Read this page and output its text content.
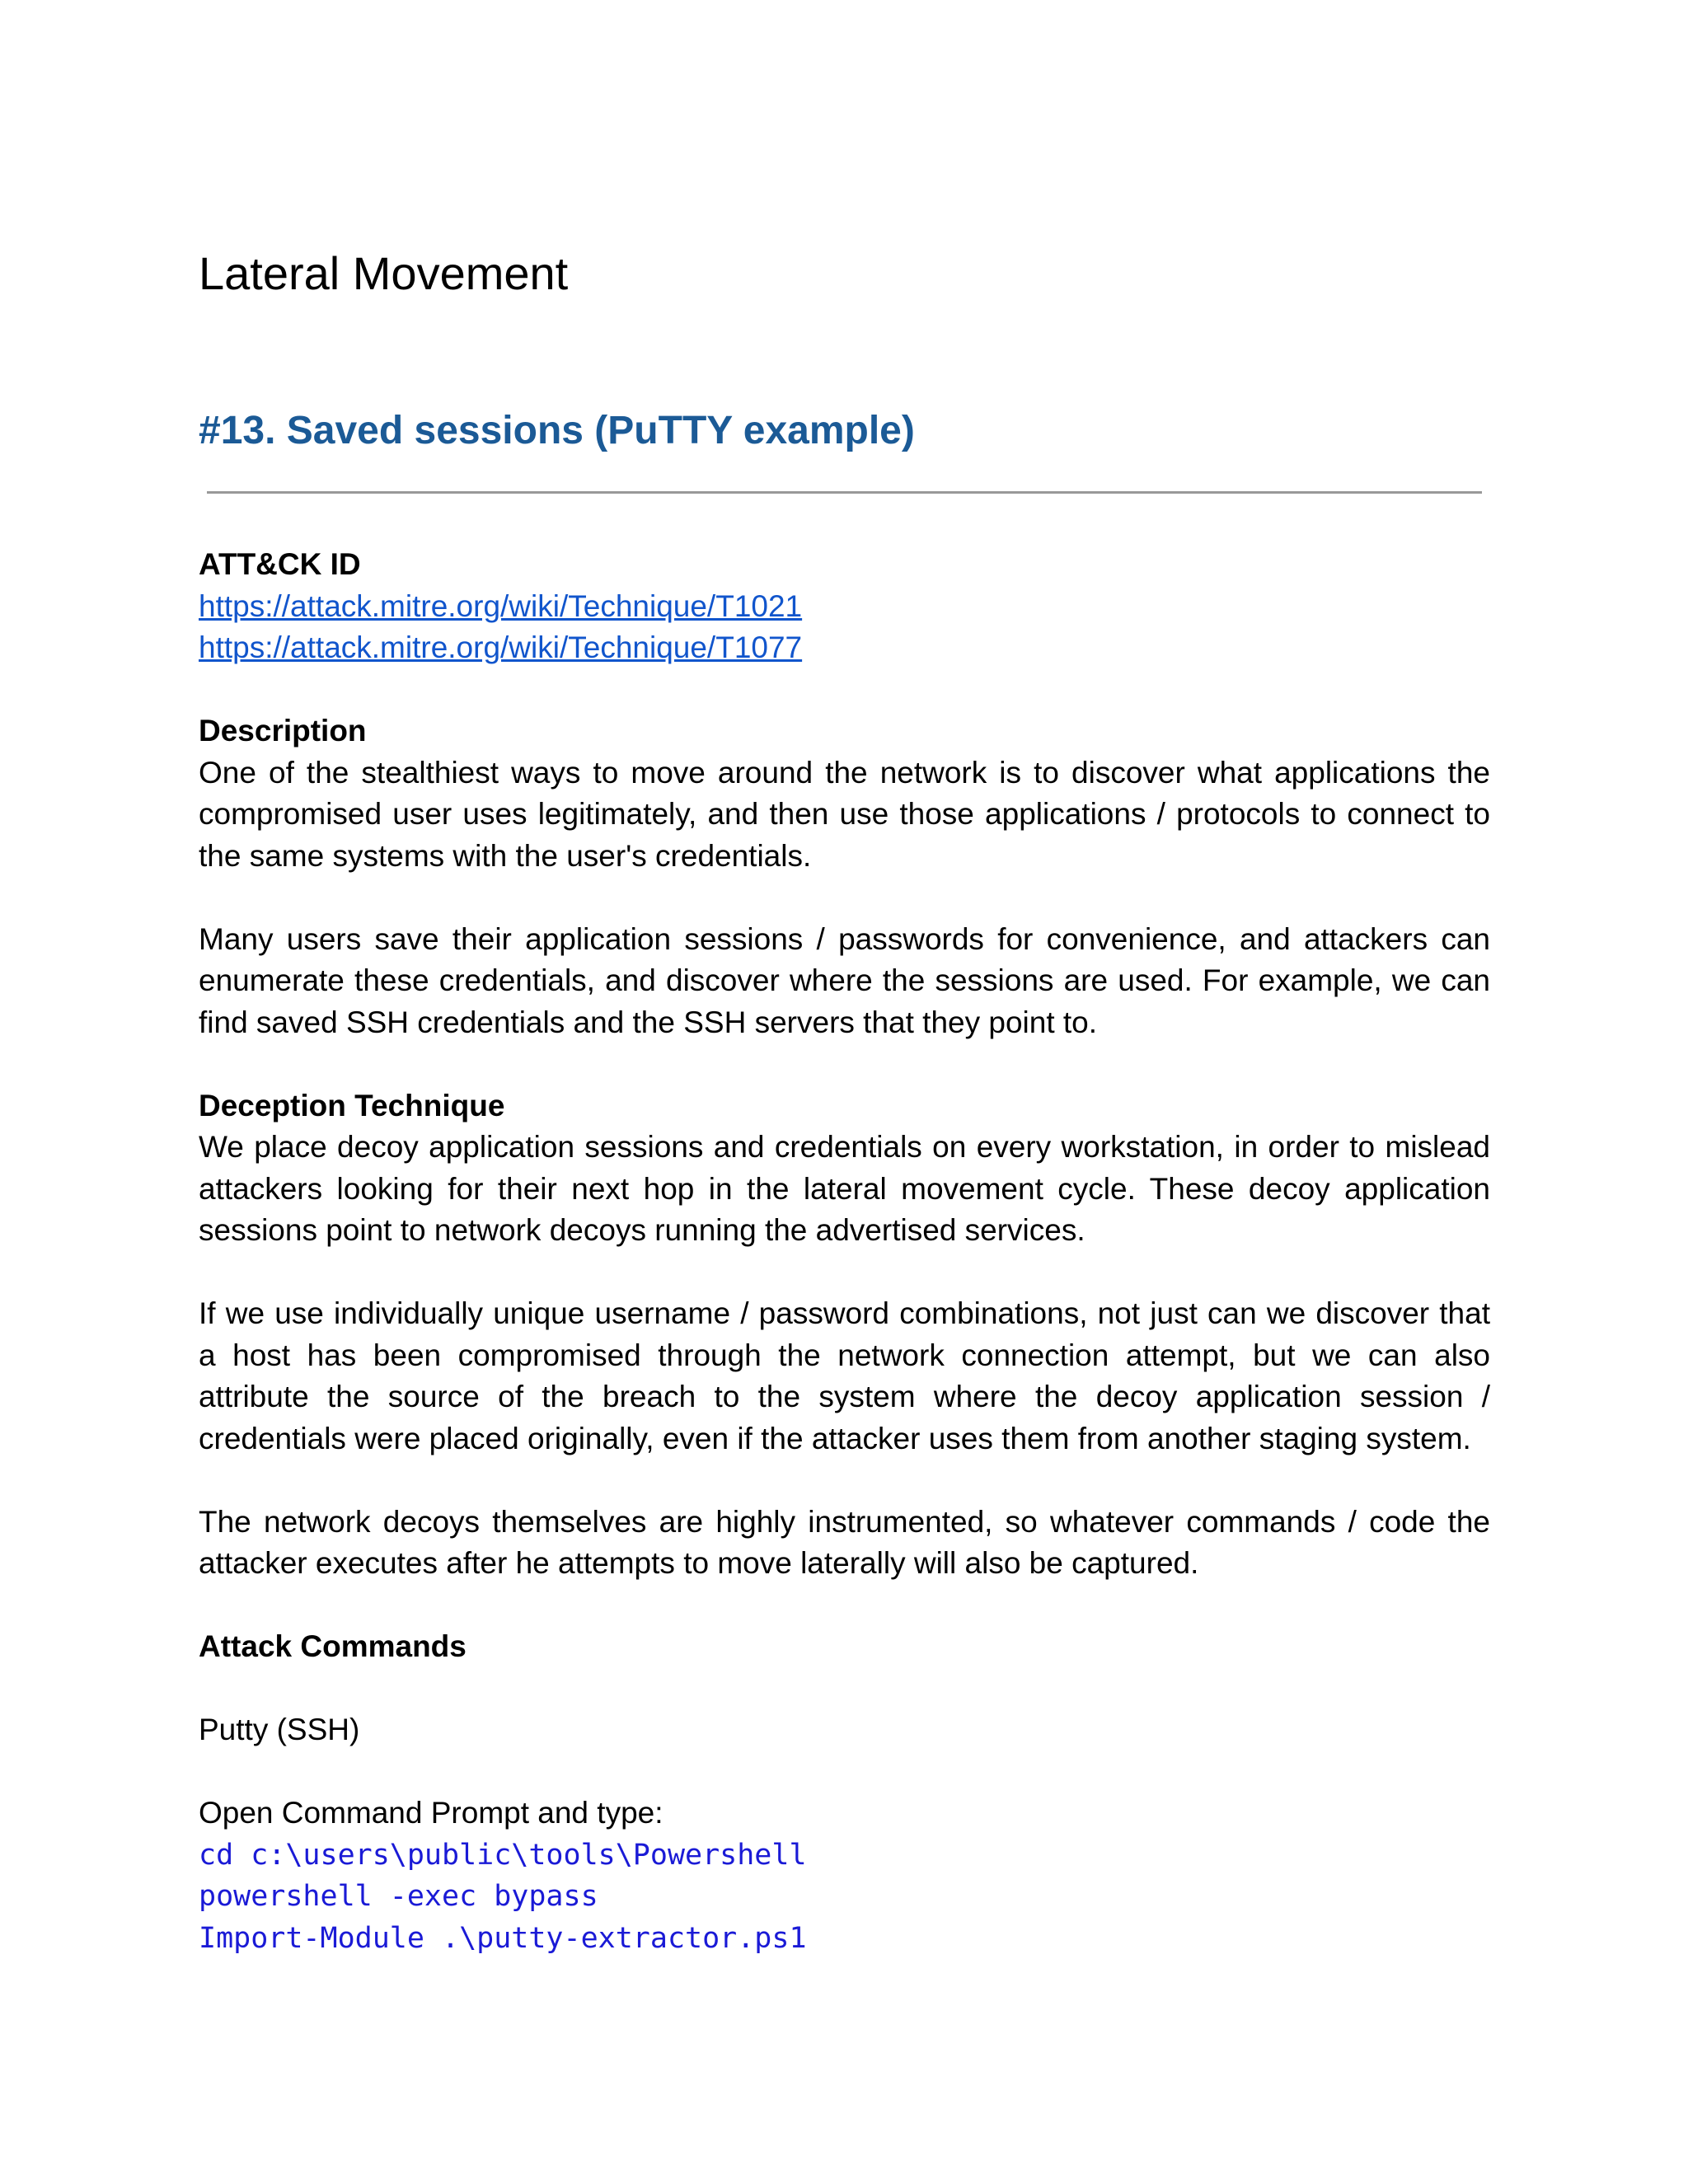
Lateral Movement
#13. Saved sessions (PuTTY example)

ATT&CK ID

https://attack.mitre.org/wiki/Technique/T1021
https://attack.mitre.org/wiki/Technique/T1077

Description

One of the stealthiest ways to move around the network is to discover what applications the compromised user uses legitimately, and then use those applications / protocols to connect to the same systems with the user's credentials.

Many users save their application sessions / passwords for convenience, and attackers can enumerate these credentials, and discover where the sessions are used. For example, we can find saved SSH credentials and the SSH servers that they point to.

Deception Technique

We place decoy application sessions and credentials on every workstation, in order to mislead attackers looking for their next hop in the lateral movement cycle. These decoy application sessions point to network decoys running the advertised services.

If we use individually unique username / password combinations, not just can we discover that a host has been compromised through the network connection attempt, but we can also attribute the source of the breach to the system where the decoy application session / credentials were placed originally, even if the attacker uses them from another staging system.

The network decoys themselves are highly instrumented, so whatever commands / code the attacker executes after he attempts to move laterally will also be captured.

Attack Commands

Putty (SSH)

Open Command Prompt and type:

cd c:\users\public\tools\Powershell

powershell -exec bypass

Import-Module .\putty-extractor.ps1
